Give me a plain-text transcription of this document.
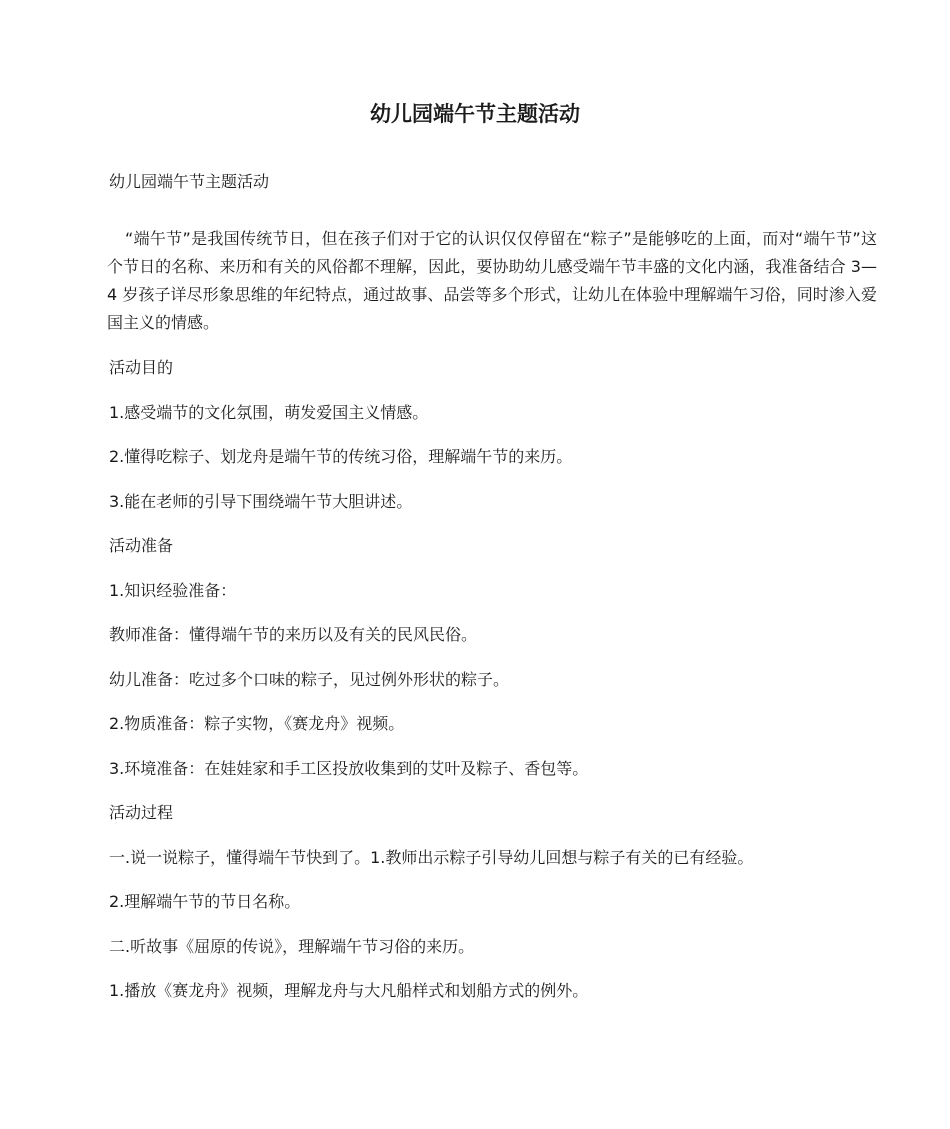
幼儿园端午节主题活动

幼儿园端午节主题活动

“端午节”是我国传统节日，但在孩子们对于它的认识仅仅停留在“粽子”是能够吃的上面，而对“端午节”这个节日的名称、来历和有关的风俗都不理解，因此，要协助幼儿感受端午节丰盛的文化内涵，我准备结合 3—4 岁孩子详尽形象思维的年纪特点，通过故事、品尝等多个形式，让幼儿在体验中理解端午习俗，同时渗入爱国主义的情感。

活动目的

1.感受端节的文化氛围，萌发爱国主义情感。

2.懂得吃粽子、划龙舟是端午节的传统习俗，理解端午节的来历。

3.能在老师的引导下围绕端午节大胆讲述。

活动准备

1.知识经验准备：

教师准备：懂得端午节的来历以及有关的民风民俗。

幼儿准备：吃过多个口味的粽子，见过例外形状的粽子。

2.物质准备：粽子实物，《赛龙舟》视频。

3.环境准备：在娃娃家和手工区投放收集到的艾叶及粽子、香包等。

活动过程

一.说一说粽子，懂得端午节快到了。1.教师出示粽子引导幼儿回想与粽子有关的已有经验。

2.理解端午节的节日名称。

二.听故事《屈原的传说》，理解端午节习俗的来历。

1.播放《赛龙舟》视频，理解龙舟与大凡船样式和划船方式的例外。
